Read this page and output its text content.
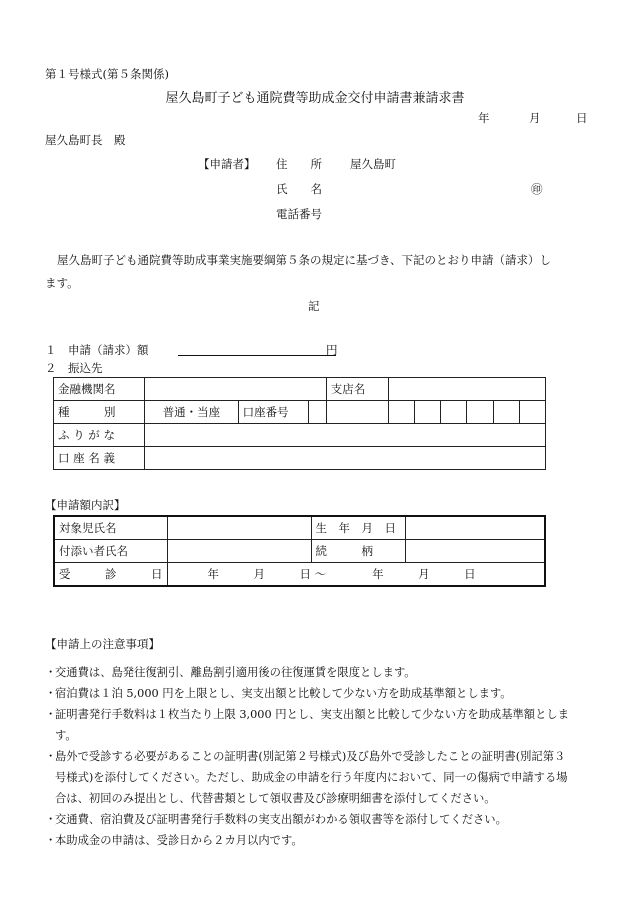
第１号様式(第５条関係)
屋久島町子ども通院費等助成金交付申請書兼請求書
年	月	日
屋久島町長　殿
【申請者】 住　　所 屋久島町
氏　　名	㊞
電話番号
屋久島町子ども通院費等助成事業実施要綱第５条の規定に基づき、下記のとおり申請（請求）し
ます。
記
１　申請（請求）額	円
２　振込先
金融機関名				支店名						
種　　　別	普通・当座	口座番号								
ふ り が な										
口 座 名 義										
【申請額内訳】
対象児氏名		生　年　月　日	
付添い者氏名		続　　　柄	
受　　　診　　　日	年　　　月　　　日 〜　　　　年　　　月　　　日		
【申請上の注意事項】
・
交通費は、島発往復割引、離島割引適用後の往復運賃を限度とします。
・
宿泊費は１泊 5,000 円を上限とし、実支出額と比較して少ない方を助成基準額とします。
・
証明書発行手数料は１枚当たり上限 3,000 円とし、実支出額と比較して少ない方を助成基準額としま
す。
・
島外で受診する必要があることの証明書(別記第２号様式)及び島外で受診したことの証明書(別記第３
号様式)を添付してください。ただし、助成金の申請を行う年度内において、同一の傷病で申請する場
合は、初回のみ提出とし、代替書類として領収書及び診療明細書を添付してください。
・
交通費、宿泊費及び証明書発行手数料の実支出額がわかる領収書等を添付してください。
・
本助成金の申請は、受診日から２カ月以内です。
